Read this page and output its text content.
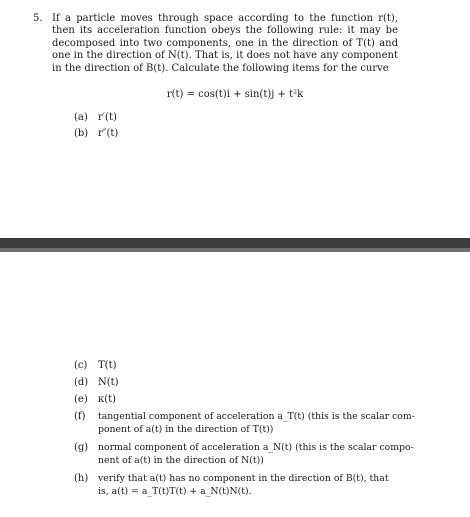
5. If a particle moves through space according to the function r(t), then its acceleration function obeys the following rule: it may be decomposed into two components, one in the direction of T(t) and one in the direction of N(t). That is, it does not have any component in the direction of B(t). Calculate the following items for the curve
r(t) = cos(t)i + sin(t)j + t²k
(a)	r′(t)
(b) r″(t)
(c)	T(t)
(d) N(t)
(e)	κ(t)
(f)	tangential component of acceleration a_T(t) (this is the scalar com-
ponent of a(t) in the direction of T(t))
(g)	normal component of acceleration a_N(t) (this is the scalar compo-
nent of a(t) in the direction of N(t))
(h)	verify that a(t) has no component in the direction of B(t), that
is, a(t) = a_T(t)T(t) + a_N(t)N(t).
